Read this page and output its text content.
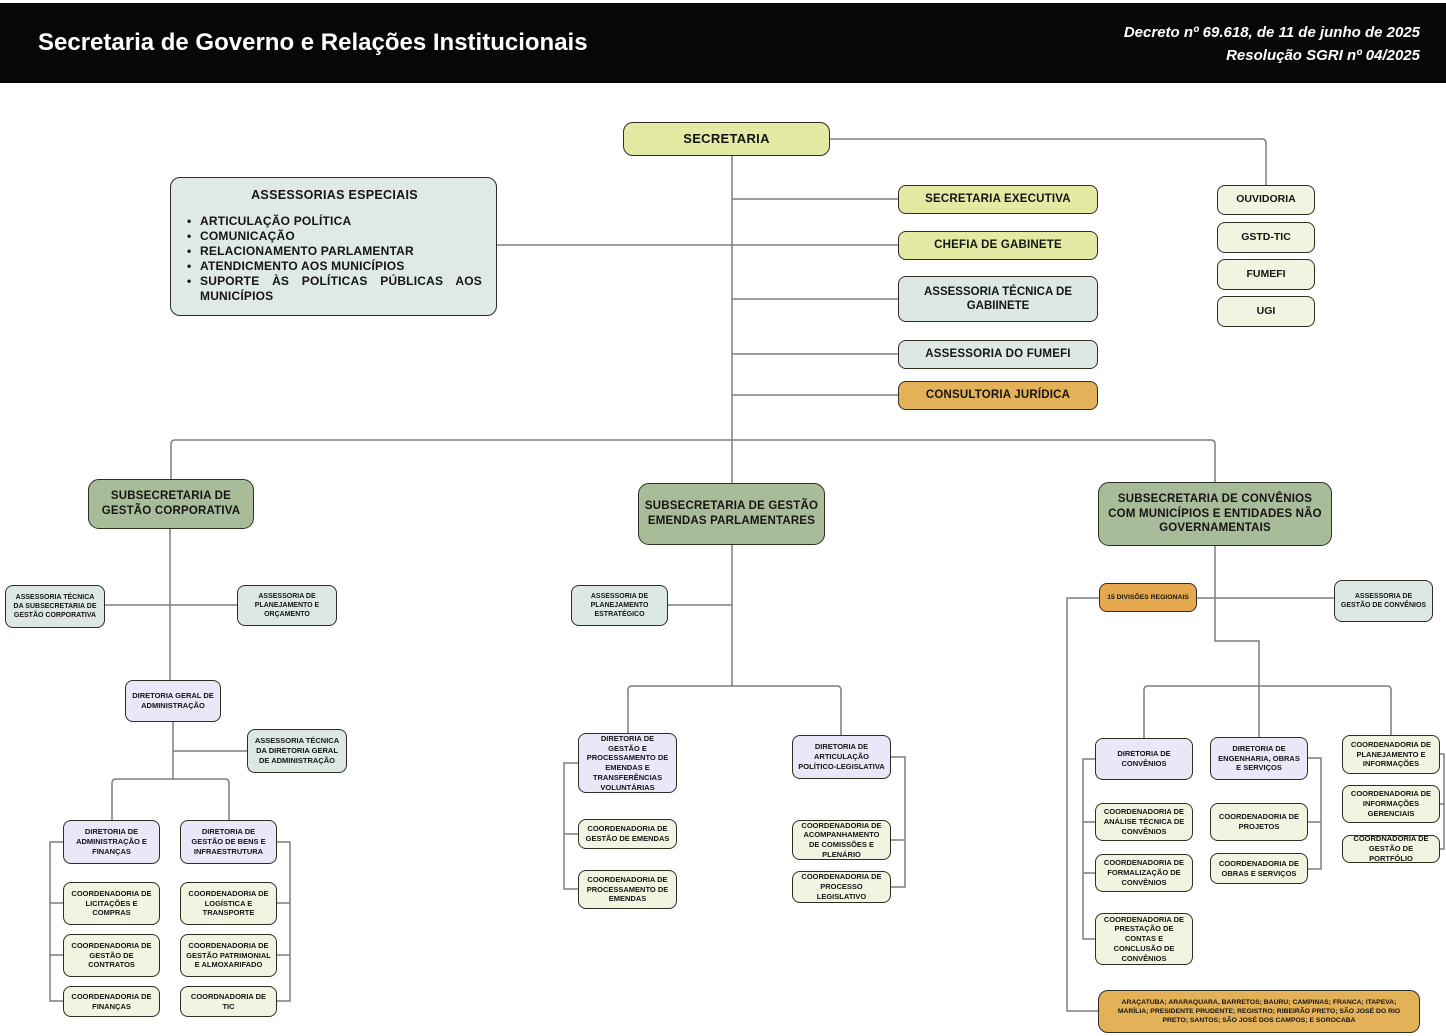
Secretaria de Governo e Relações Institucionais	Decreto nº 69.618, de 11 de junho de 2025
Resolução SGRI nº 04/2025
SECRETARIA
ASSESSORIAS ESPECIAIS
• ARTICULAÇÃO POLÍTICA
• COMUNICAÇÃO
• RELACIONAMENTO PARLAMENTAR
• ATENDICMENTO AOS MUNICÍPIOS
• SUPORTE ÀS POLÍTICAS PÚBLICAS AOS MUNICÍPIOS
SECRETARIA EXECUTIVA
CHEFIA DE GABINETE
ASSESSORIA TÉCNICA DE GABIINETE
ASSESSORIA DO FUMEFI
CONSULTORIA JURÍDICA
OUVIDORIA
GSTD-TIC
FUMEFI
UGI
SUBSECRETARIA DE GESTÃO CORPORATIVA	SUBSECRETARIA DE GESTÃO EMENDAS PARLAMENTARES
SUBSECRETARIA DE CONVÊNIOS COM MUNICÍPIOS E ENTIDADES NÃO GOVERNAMENTAIS
ASSESSORIA TÉCNICA DA SUBSECRETARIA DE GESTÃO CORPORATIVA
ASSESSORIA DE PLANEJAMENTO E ORÇAMENTO
DIRETORIA GERAL DE ADMINISTRAÇÃO
ASSESSORIA TÉCNICA DA DIRETORIA GERAL DE ADMINISTRAÇÃO
DIRETORIA DE ADMINISTRAÇÃO E FINANÇAS
DIRETORIA DE GESTÃO DE BENS E INFRAESTRUTURA
COORDENADORIA DE LICITAÇÕES E COMPRAS
COORDENADORIA DE GESTÃO DE CONTRATOS
COORDENADORIA DE FINANÇAS
COORDENADORIA DE LOGÍSTICA E TRANSPORTE
COORDENADORIA DE GESTÃO PATRIMONIAL E ALMOXARIFADO
COORDNADORIA DE TIC
ASSESSORIA DE PLANEJAMENTO ESTRATÉGICO
DIRETORIA DE GESTÃO E PROCESSAMENTO DE EMENDAS E TRANSFERÊNCIAS VOLUNTÁRIAS
COORDENADORIA DE GESTÃO DE EMENDAS
COORDENADORIA DE PROCESSAMENTO DE EMENDAS
DIRETORIA DE ARTICULAÇÃO POLÍTICO-LEGISLATIVA
COORDENADORIA DE ACOMPANHAMENTO DE COMISSÕES E PLENÁRIO
COORDENADORIA DE PROCESSO LEGISLATIVO
15 DIVISÕES REGIONAIS	ASSESSORIA DE GESTÃO DE CONVÊNIOS
DIRETORIA DE CONVÊNIOS
COORDENADORIA DE ANÁLISE TÉCNICA DE CONVÊNIOS
COORDENADORIA DE FORMALIZAÇÃO DE CONVÊNIOS
COORDENADORIA DE PRESTAÇÃO DE CONTAS E CONCLUSÃO DE CONVÊNIOS
DIRETORIA DE ENGENHARIA, OBRAS E SERVIÇOS
COORDENADORIA DE PROJETOS
COORDENADORIA DE OBRAS E SERVIÇOS
COORDENADORIA DE PLANEJAMENTO E INFORMAÇÕES
COORDENADORIA DE INFORMAÇÕES GERENCIAIS
COORDNADORIA DE GESTÃO DE PORTFÓLIO
ARAÇATUBA; ARARAQUARA, BARRETOS; BAURU; CAMPINAS; FRANCA; ITAPEVA; MARÍLIA; PRESIDENTE PRUDENTE; REGISTRO; RIBEIRÃO PRETO; SÃO JOSÉ DO RIO PRETO; SANTOS; SÃO JOSÉ DOS CAMPOS; E SOROCABA
